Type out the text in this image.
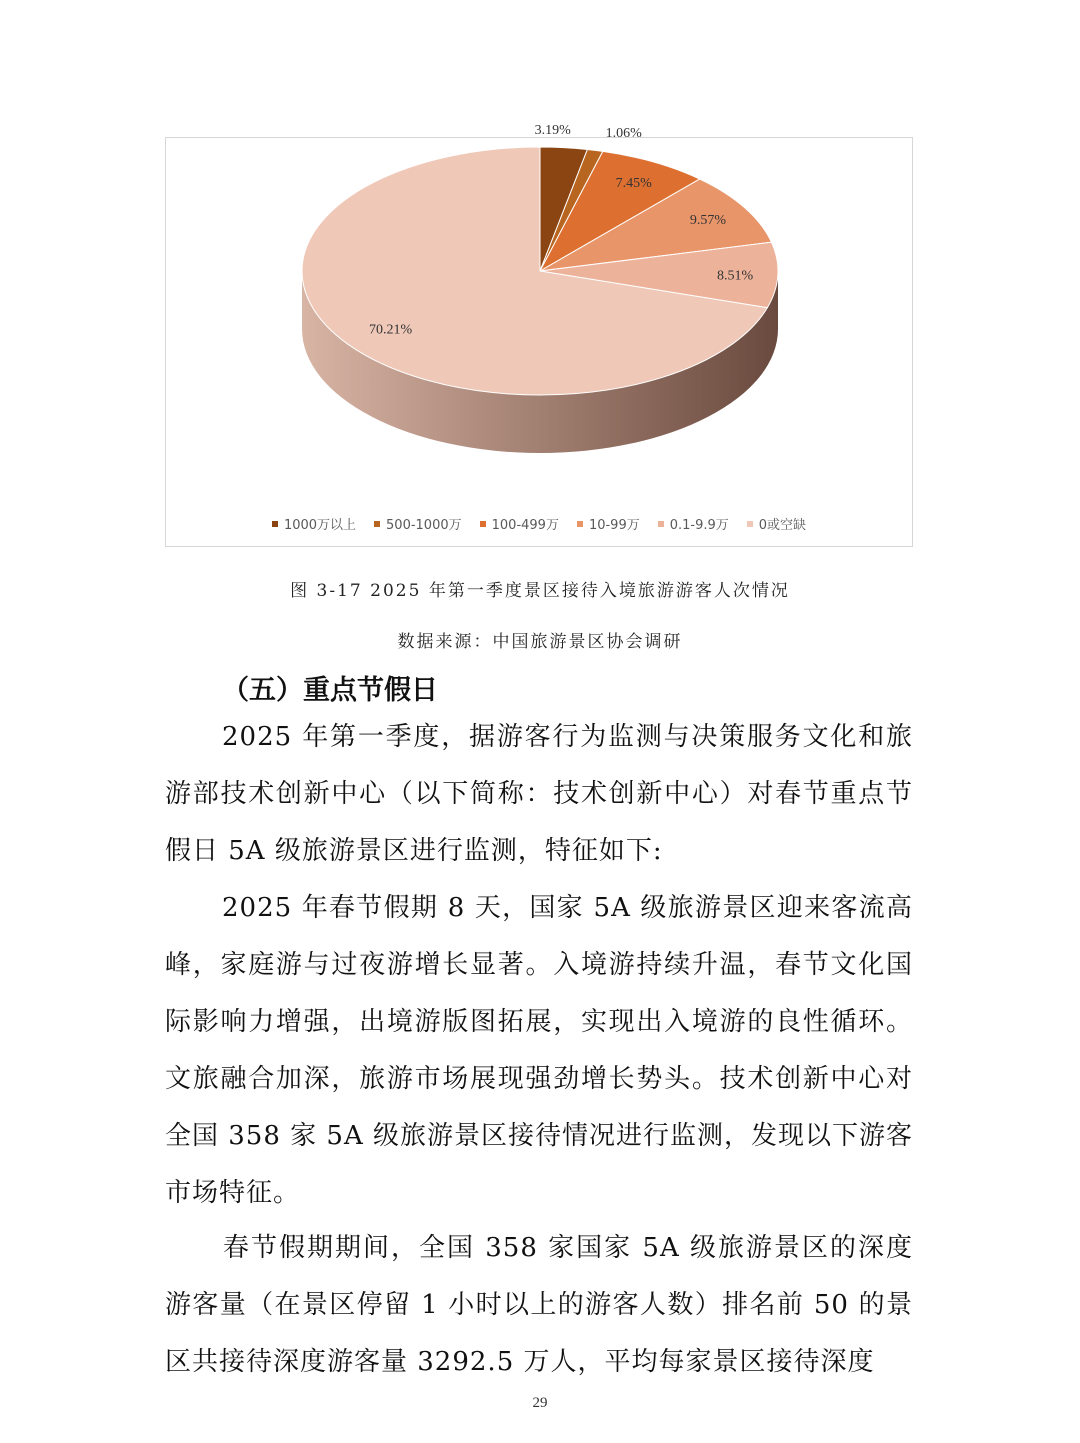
3.19% 1.06%
7.45%
9.57%
8.51%
70.21%
1000万以上 500-1000万 100-499万 10-99万 0.1-9.9万 0或空缺
图 3-17 2025 年第一季度景区接待入境旅游游客人次情况
数据来源：中国旅游景区协会调研
（五）重点节假日

2025 年第一季度，据游客行为监测与决策服务文化和旅游部技术创新中心（以下简称：技术创新中心）对春节重点节假日 5A 级旅游景区进行监测，特征如下:

2025 年春节假期 8 天，国家 5A 级旅游景区迎来客流高峰，家庭游与过夜游增长显著。入境游持续升温，春节文化国际影响力增强，出境游版图拓展，实现出入境游的良性循环。文旅融合加深，旅游市场展现强劲增长势头。技术创新中心对全国 358 家 5A 级旅游景区接待情况进行监测，发现以下游客市场特征。

春节假期期间，全国 358 家国家 5A 级旅游景区的深度游客量（在景区停留 1 小时以上的游客人数）排名前 50 的景区共接待深度游客量 3292.5 万人，平均每家景区接待深度

29
